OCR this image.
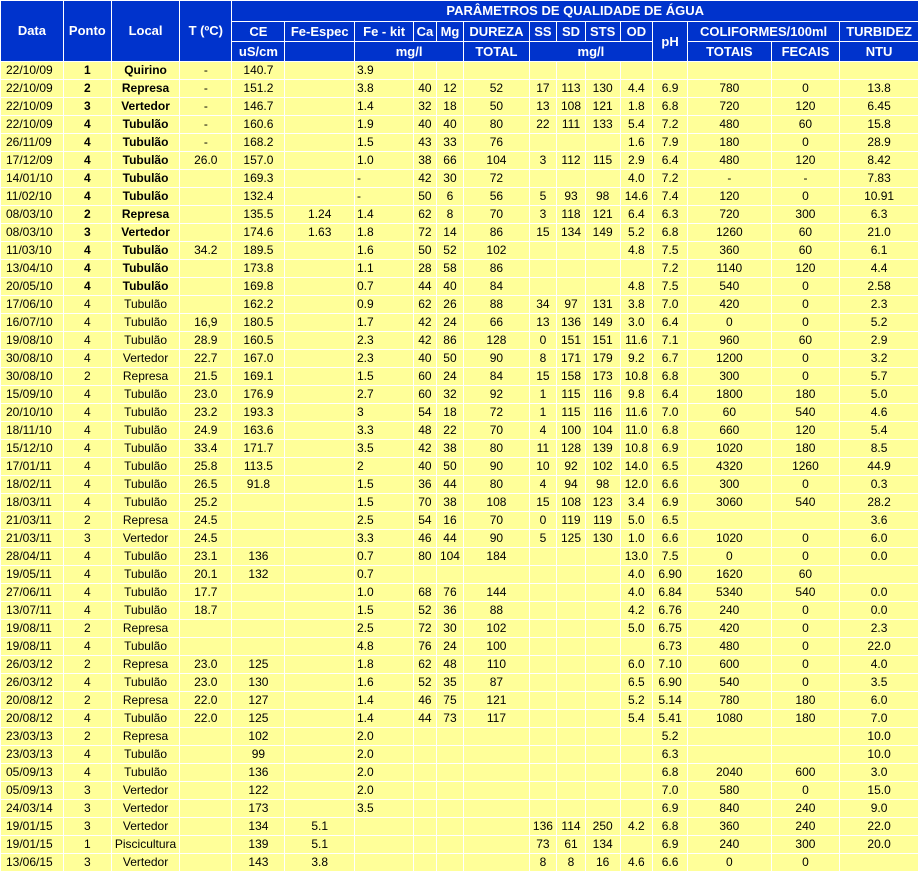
Data	Ponto	Local	T (ºC)	PARÂMETROS DE QUALIDADE DE ÁGUA													
				CE	Fe-Espec	Fe - kit	Ca	Mg	DUREZA	SS	SD	STS	OD	pH	COLIFORMES/100ml		TURBIDEZ
				uS/cm		mg/l			TOTAL	mg/l					TOTAIS	FECAIS	NTU
22/10/09	1	Quirino	-	140.7		3.9											
22/10/09	2	Represa	-	151.2		3.8	40	12	52	17	113	130	4.4	6.9	780	0	13.8
22/10/09	3	Vertedor	-	146.7		1.4	32	18	50	13	108	121	1.8	6.8	720	120	6.45
22/10/09	4	Tubulão	-	160.6		1.9	40	40	80	22	111	133	5.4	7.2	480	60	15.8
26/11/09	4	Tubulão	-	168.2		1.5	43	33	76				1.6	7.9	180	0	28.9
17/12/09	4	Tubulão	26.0	157.0		1.0	38	66	104	3	112	115	2.9	6.4	480	120	8.42
14/01/10	4	Tubulão		169.3		-	42	30	72				4.0	7.2	-	-	7.83
11/02/10	4	Tubulão		132.4		-	50	6	56	5	93	98	14.6	7.4	120	0	10.91
08/03/10	2	Represa		135.5	1.24	1.4	62	8	70	3	118	121	6.4	6.3	720	300	6.3
08/03/10	3	Vertedor		174.6	1.63	1.8	72	14	86	15	134	149	5.2	6.8	1260	60	21.0
11/03/10	4	Tubulão	34.2	189.5		1.6	50	52	102				4.8	7.5	360	60	6.1
13/04/10	4	Tubulão		173.8		1.1	28	58	86					7.2	1140	120	4.4
20/05/10	4	Tubulão		169.8		0.7	44	40	84				4.8	7.5	540	0	2.58
17/06/10	4	Tubulão		162.2		0.9	62	26	88	34	97	131	3.8	7.0	420	0	2.3
16/07/10	4	Tubulão	16,9	180.5		1.7	42	24	66	13	136	149	3.0	6.4	0	0	5.2
19/08/10	4	Tubulão	28.9	160.5		2.3	42	86	128	0	151	151	11.6	7.1	960	60	2.9
30/08/10	4	Vertedor	22.7	167.0		2.3	40	50	90	8	171	179	9.2	6.7	1200	0	3.2
30/08/10	2	Represa	21.5	169.1		1.5	60	24	84	15	158	173	10.8	6.8	300	0	5.7
15/09/10	4	Tubulão	23.0	176.9		2.7	60	32	92	1	115	116	9.8	6.4	1800	180	5.0
20/10/10	4	Tubulão	23.2	193.3		3	54	18	72	1	115	116	11.6	7.0	60	540	4.6
18/11/10	4	Tubulão	24.9	163.6		3.3	48	22	70	4	100	104	11.0	6.8	660	120	5.4
15/12/10	4	Tubulão	33.4	171.7		3.5	42	38	80	11	128	139	10.8	6.9	1020	180	8.5
17/01/11	4	Tubulão	25.8	113.5		2	40	50	90	10	92	102	14.0	6.5	4320	1260	44.9
18/02/11	4	Tubulão	26.5	91.8		1.5	36	44	80	4	94	98	12.0	6.6	300	0	0.3
18/03/11	4	Tubulão	25.2			1.5	70	38	108	15	108	123	3.4	6.9	3060	540	28.2
21/03/11	2	Represa	24.5			2.5	54	16	70	0	119	119	5.0	6.5			3.6
21/03/11	3	Vertedor	24.5			3.3	46	44	90	5	125	130	1.0	6.6	1020	0	6.0
28/04/11	4	Tubulão	23.1	136		0.7	80	104	184				13.0	7.5	0	0	0.0
19/05/11	4	Tubulão	20.1	132		0.7							4.0	6.90	1620	60	
27/06/11	4	Tubulão	17.7			1.0	68	76	144				4.0	6.84	5340	540	0.0
13/07/11	4	Tubulão	18.7			1.5	52	36	88				4.2	6.76	240	0	0.0
19/08/11	2	Represa				2.5	72	30	102				5.0	6.75	420	0	2.3
19/08/11	4	Tubulão				4.8	76	24	100					6.73	480	0	22.0
26/03/12	2	Represa	23.0	125		1.8	62	48	110				6.0	7.10	600	0	4.0
26/03/12	4	Tubulão	23.0	130		1.6	52	35	87				6.5	6.90	540	0	3.5
20/08/12	2	Represa	22.0	127		1.4	46	75	121				5.2	5.14	780	180	6.0
20/08/12	4	Tubulão	22.0	125		1.4	44	73	117				5.4	5.41	1080	180	7.0
23/03/13	2	Represa		102		2.0								5.2			10.0
23/03/13	4	Tubulão		99		2.0								6.3			10.0
05/09/13	4	Tubulão		136		2.0								6.8	2040	600	3.0
05/09/13	3	Vertedor		122		2.0								7.0	580	0	15.0
24/03/14	3	Vertedor		173		3.5								6.9	840	240	9.0
19/01/15	3	Vertedor		134	5.1					136	114	250	4.2	6.8	360	240	22.0
19/01/15	1	Piscicultura		139	5.1					73	61	134		6.9	240	300	20.0
13/06/15	3	Vertedor		143	3.8					8	8	16	4.6	6.6	0	0	
